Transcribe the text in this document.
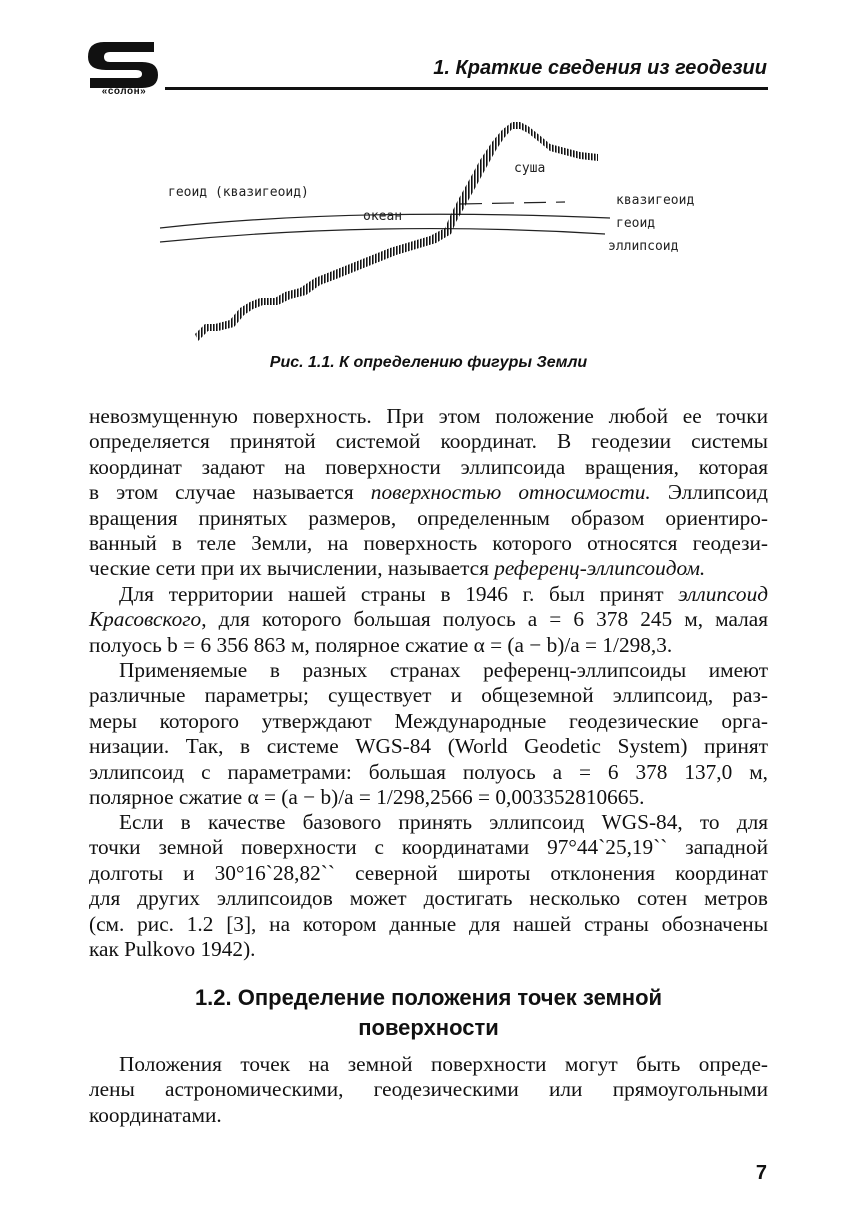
«солон»
1. Краткие сведения из геодезии
геоид (квазигеоид)
океан
суша
квазигеоид
геоид
эллипсоид
Рис. 1.1. К определению фигуры Земли

невозмущенную поверхность. При этом положение любой ее точки

определяется принятой системой координат. В геодезии системы

координат задают на поверхности эллипсоида вращения, которая

в этом случае называется поверхностью относимости. Эллипсоид

вращения принятых размеров, определенным образом ориентиро-

ванный в теле Земли, на поверхность которого относятся геодези-

ческие сети при их вычислении, называется референц-эллипсоидом.

Для территории нашей страны в 1946 г. был принят эллипсоид

Красовского, для которого большая полуось a = 6 378 245 м, малая

полуось b = 6 356 863 м, полярное сжатие α = (a − b)/a = 1/298,3.

Применяемые в разных странах референц-эллипсоиды имеют

различные параметры; существует и общеземной эллипсоид, раз-

меры которого утверждают Международные геодезические орга-

низации. Так, в системе WGS-84 (World Geodetic System) принят

эллипсоид с параметрами: большая полуось a = 6 378 137,0 м,

полярное сжатие α = (a − b)/a = 1/298,2566 = 0,003352810665.

Если в качестве базового принять эллипсоид WGS-84, то для

точки земной поверхности с координатами 97°44`25,19`` западной

долготы и 30°16`28,82`` северной широты отклонения координат

для других эллипсоидов может достигать несколько сотен метров

(см. рис. 1.2 [3], на котором данные для нашей страны обозначены

как Pulkovo 1942).

1.2. Определение положения точек земной
поверхности

Положения точек на земной поверхности могут быть опреде-

лены астрономическими, геодезическими или прямоугольными

координатами.

7
